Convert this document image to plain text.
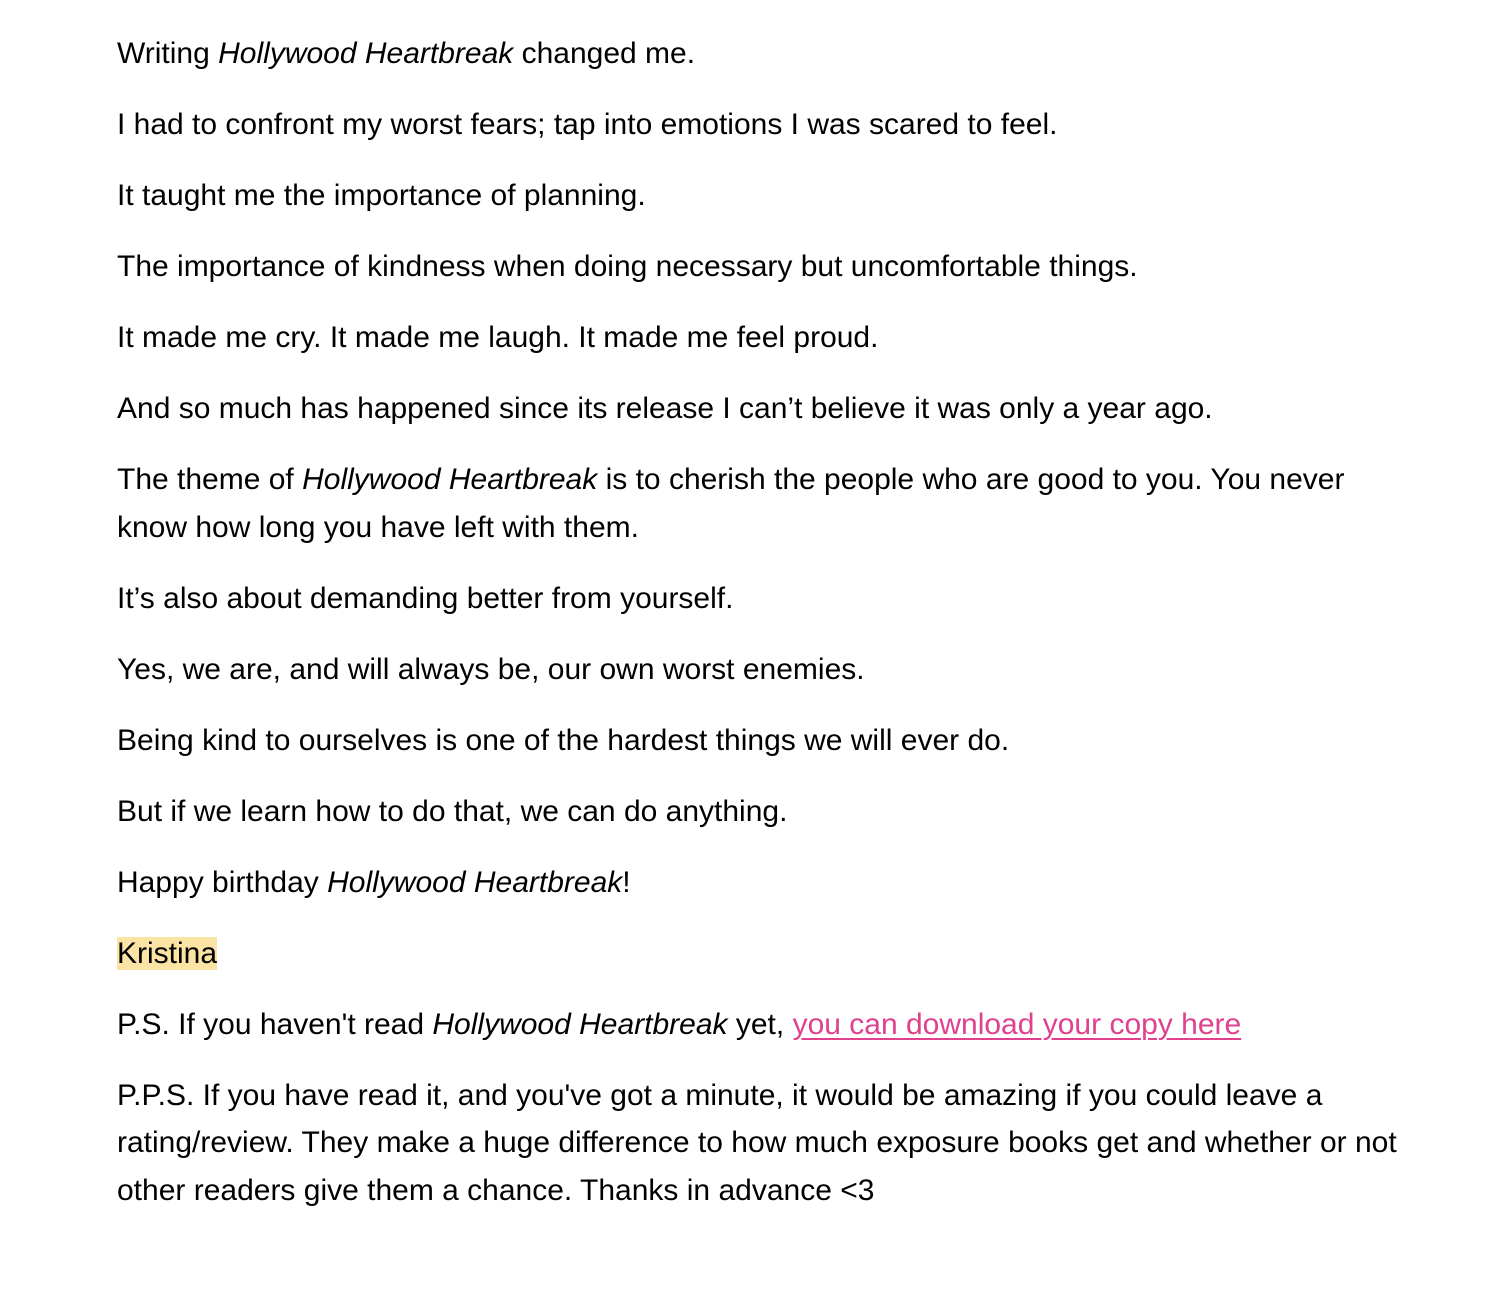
Writing Hollywood Heartbreak changed me.

I had to confront my worst fears; tap into emotions I was scared to feel.

It taught me the importance of planning.

The importance of kindness when doing necessary but uncomfortable things.

It made me cry. It made me laugh. It made me feel proud.

And so much has happened since its release I can’t believe it was only a year ago.

The theme of Hollywood Heartbreak is to cherish the people who are good to you. You never know how long you have left with them.

It’s also about demanding better from yourself.

Yes, we are, and will always be, our own worst enemies.

Being kind to ourselves is one of the hardest things we will ever do.

But if we learn how to do that, we can do anything.

Happy birthday Hollywood Heartbreak!

Kristina

P.S. If you haven't read Hollywood Heartbreak yet, you can download your copy here

P.P.S. If you have read it, and you've got a minute, it would be amazing if you could leave a rating/review. They make a huge difference to how much exposure books get and whether or not other readers give them a chance. Thanks in advance <3
